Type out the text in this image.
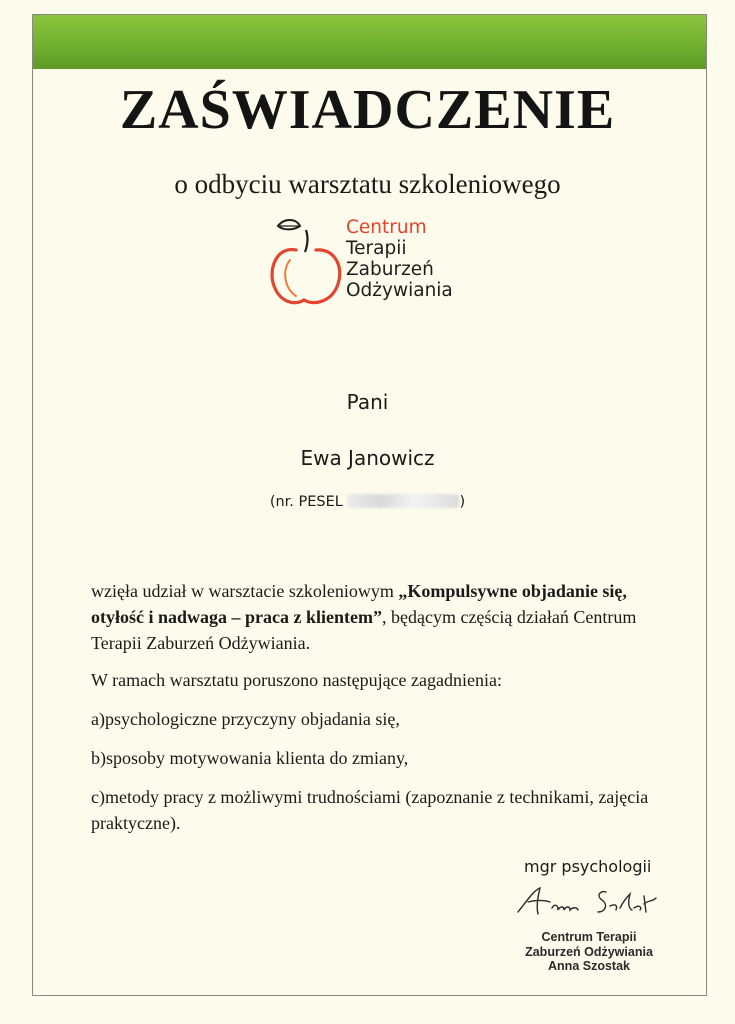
ZAŚWIADCZENIE
o odbyciu warsztatu szkoleniowego
Centrum
Terapii
Zaburzeń
Odżywiania
Pani
Ewa Janowicz
(nr. PESEL	)

wzięła udział w warsztacie szkoleniowym „Kompulsywne objadanie się, otyłość i nadwaga – praca z klientem”, będącym częścią działań Centrum Terapii Zaburzeń Odżywiania.

W ramach warsztatu poruszono następujące zagadnienia:

a)psychologiczne przyczyny objadania się,

b)sposoby motywowania klienta do zmiany,

c)metody pracy z możliwymi trudnościami (zapoznanie z technikami, zajęcia praktyczne).

mgr psychologii
Centrum Terapii
Zaburzeń Odżywiania
Anna Szostak
